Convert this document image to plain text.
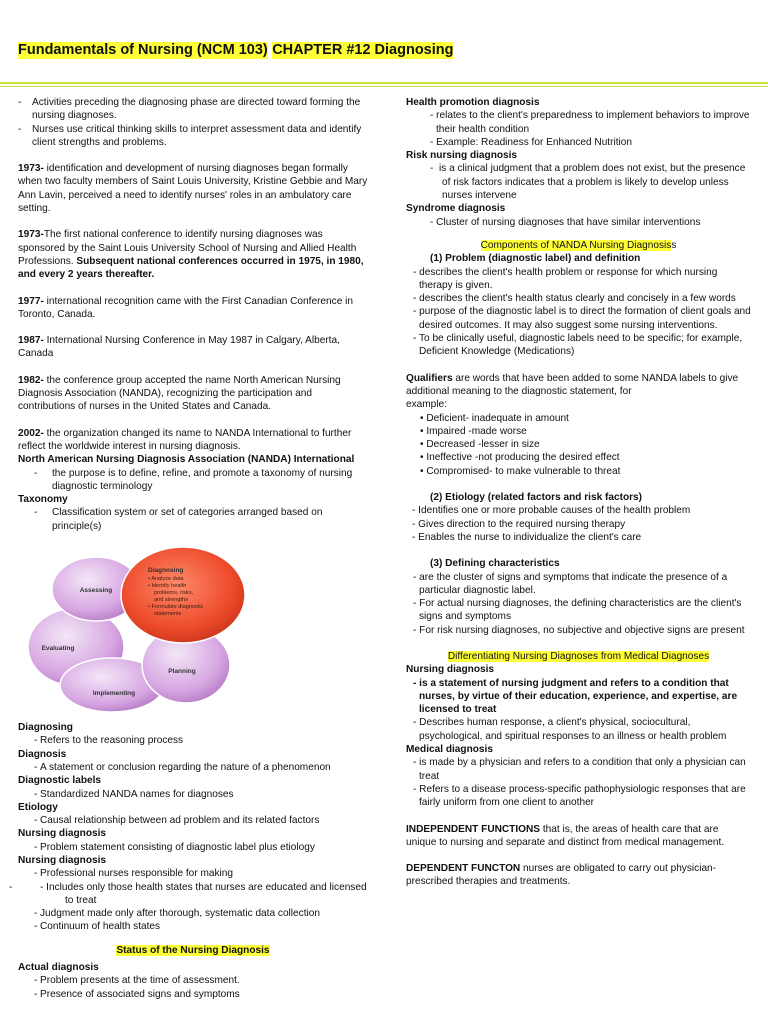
Fundamentals of Nursing (NCM 103) CHAPTER #12 Diagnosing

- Activities preceding the diagnosing phase are directed toward forming the nursing diagnoses.

- Nurses use critical thinking skills to interpret assessment data and identify client strengths and problems.

1973- identification and development of nursing diagnoses began formally when two faculty members of Saint Louis University, Kristine Gebbie and Mary Ann Lavin, perceived a need to identify nurses' roles in an ambulatory care setting.

1973-The first national conference to identify nursing diagnoses was sponsored by the Saint Louis University School of Nursing and Allied Health Professions. Subsequent national conferences occurred in 1975, in 1980, and every 2 years thereafter.

1977- international recognition came with the First Canadian Conference in Toronto, Canada.

1987- International Nursing Conference in May 1987 in Calgary, Alberta, Canada

1982- the conference group accepted the name North American Nursing Diagnosis Association (NANDA), recognizing the participation and contributions of nurses in the United States and Canada.

2002- the organization changed its name to NANDA International to further reflect the worldwide interest in nursing diagnosis.

North American Nursing Diagnosis Association (NANDA) International

- the purpose is to define, refine, and promote a taxonomy of nursing diagnostic terminology

Taxonomy

- Classification system or set of categories arranged based on principle(s)

Assessing
Evaluating
Implementing
Planning
Diagnosing
• Analyze data
• Identify health
problems, risks,
and strengths
• Formulate diagnostic
statements

Diagnosing

- Refers to the reasoning process

Diagnosis

- A statement or conclusion regarding the nature of a phenomenon

Diagnostic labels

- Standardized NANDA names for diagnoses

Etiology

- Causal relationship between ad problem and its related factors

Nursing diagnosis

- Problem statement consisting of diagnostic label plus etiology

Nursing diagnosis

- Professional nurses responsible for making

- - Includes only those health states that nurses are educated and licensed to treat

- Judgment made only after thorough, systematic data collection

- Continuum of health states

Status of the Nursing Diagnosis

Actual diagnosis

- Problem presents at the time of assessment.

- Presence of associated signs and symptoms

Health promotion diagnosis

- relates to the client's preparedness to implement behaviors to improve their health condition

- Example: Readiness for Enhanced Nutrition

Risk nursing diagnosis

-  is a clinical judgment that a problem does not exist, but the presence of risk factors indicates that a problem is likely to develop unless nurses intervene

Syndrome diagnosis

- Cluster of nursing diagnoses that have similar interventions

Components of NANDA Nursing Diagnosiss

(1) Problem (diagnostic label) and definition

- describes the client's health problem or response for which nursing therapy is given.

- describes the client's health status clearly and concisely in a few words

- purpose of the diagnostic label is to direct the formation of client goals and desired outcomes. It may also suggest some nursing interventions.

- To be clinically useful, diagnostic labels need to be specific; for example, Deficient Knowledge (Medications)

Qualifiers are words that have been added to some NANDA labels to give additional meaning to the diagnostic statement, for

example:

• Deficient- inadequate in amount

• Impaired -made worse

• Decreased -lesser in size

• Ineffective -not producing the desired effect

• Compromised- to make vulnerable to threat

(2) Etiology (related factors and risk factors)

- Identifies one or more probable causes of the health problem

- Gives direction to the required nursing therapy

- Enables the nurse to individualize the client's care

(3) Defining characteristics

- are the cluster of signs and symptoms that indicate the presence of a particular diagnostic label.

- For actual nursing diagnoses, the defining characteristics are the client's signs and symptoms

- For risk nursing diagnoses, no subjective and objective signs are present

Differentiating Nursing Diagnoses from Medical Diagnoses

Nursing diagnosis

- is a statement of nursing judgment and refers to a condition that nurses, by virtue of their education, experience, and expertise, are licensed to treat

- Describes human response, a client's physical, sociocultural, psychological, and spiritual responses to an illness or health problem

Medical diagnosis

- is made by a physician and refers to a condition that only a physician can treat

- Refers to a disease process-specific pathophysiologic responses that are fairly uniform from one client to another

INDEPENDENT FUNCTIONS that is, the areas of health care that are unique to nursing and separate and distinct from medical management.

DEPENDENT FUNCTON nurses are obligated to carry out physician-prescribed therapies and treatments.
